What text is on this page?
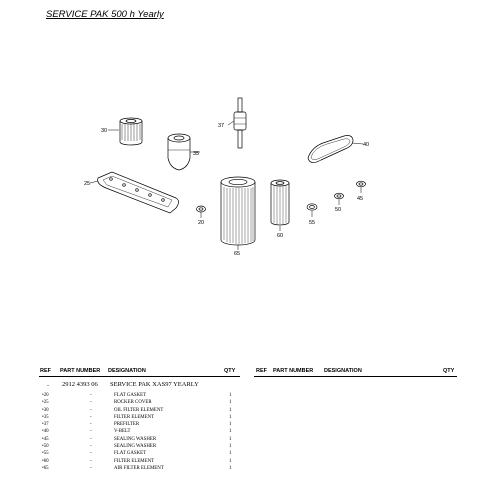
SERVICE PAK 500 h Yearly
30
35
37
40
25
20
65
60
55
50
45
REF PART NUMBER DESIGNATION	QTY	REF PART NUMBER DESIGNATION	QTY
-	2912 4393 06 SERVICE PAK XAS97 YEARLY
•20	-	FLAT GASKET	1
•25	-	ROCKER COVER	1
•30	-	OIL FILTER ELEMENT	1
•35	-	FILTER ELEMENT	1
•37	-	PREFILTER	1
•40	-	V-BELT	1
•45	-	SEALING WASHER	1
•50	-	SEALING WASHER	1
•55	-	FLAT GASKET	1
•60	-	FILTER ELEMENT	1
•65	-	AIR FILTER ELEMENT	1
